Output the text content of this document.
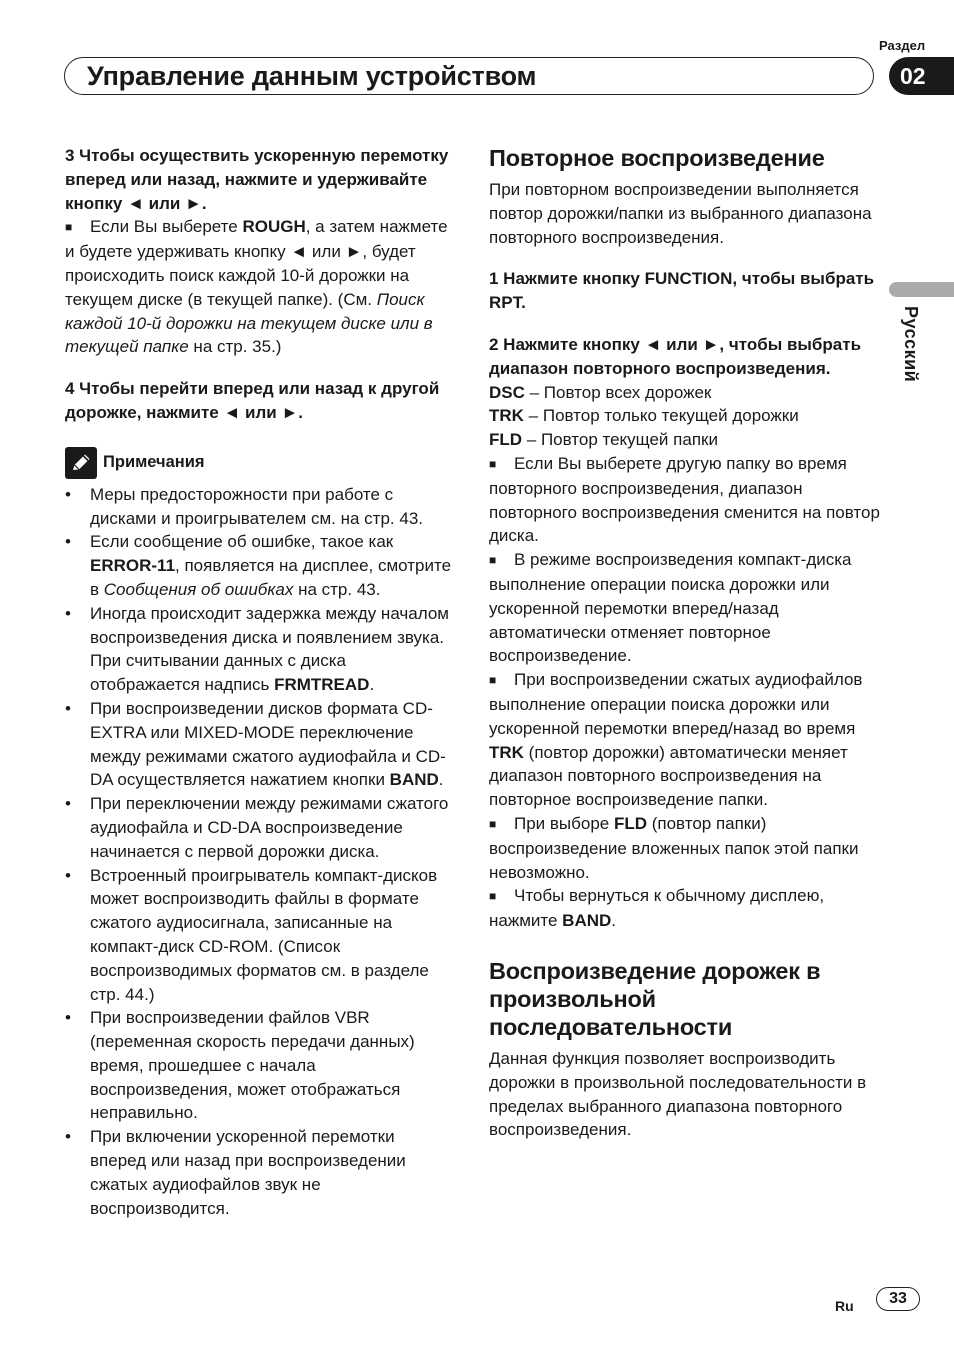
Раздел
Управление данным устройством	02
Русский

3 Чтобы осуществить ускоренную перемотку вперед или назад, нажмите и удерживайте кнопку ◄ или ►.

■ Если Вы выберете ROUGH, а затем нажмете и будете удерживать кнопку ◄ или ►, будет происходить поиск каждой 10-й дорожки на текущем диске (в текущей папке). (См. Поиск каждой 10-й дорожки на текущем диске или в текущей папке на стр. 35.)

4 Чтобы перейти вперед или назад к другой дорожке, нажмите ◄ или ►.

Примечания
• Меры предосторожности при работе с дисками и проигрывателем см. на стр. 43.
• Если сообщение об ошибке, такое как ERROR-11, появляется на дисплее, смотрите в Сообщения об ошибках на стр. 43.
• Иногда происходит задержка между началом воспроизведения диска и появлением звука. При считывании данных с диска отображается надпись FRMTREAD.
• При воспроизведении дисков формата CD-EXTRA или MIXED-MODE переключение между режимами сжатого аудиофайла и CD-DA осуществляется нажатием кнопки BAND.
• При переключении между режимами сжатого аудиофайла и CD-DA воспроизведение начинается с первой дорожки диска.
• Встроенный проигрыватель компакт-дисков может воспроизводить файлы в формате сжатого аудиосигнала, записанные на компакт-диск CD-ROM. (Список воспроизводимых форматов см. в разделе стр. 44.)
• При воспроизведении файлов VBR (переменная скорость передачи данных) время, прошедшее с начала воспроизведения, может отображаться неправильно.
• При включении ускоренной перемотки вперед или назад при воспроизведении сжатых аудиофайлов звук не воспроизводится.
Повторное воспроизведение

При повторном воспроизведении выполняется повтор дорожки/папки из выбранного диапазона повторного воспроизведения.

1 Нажмите кнопку FUNCTION, чтобы выбрать RPT.

2 Нажмите кнопку ◄ или ►, чтобы выбрать диапазон повторного воспроизведения.

DSC – Повтор всех дорожек

TRK – Повтор только текущей дорожки

FLD – Повтор текущей папки

■ Если Вы выберете другую папку во время повторного воспроизведения, диапазон повторного воспроизведения сменится на повтор диска.

■ В режиме воспроизведения компакт-диска выполнение операции поиска дорожки или ускоренной перемотки вперед/назад автоматически отменяет повторное воспроизведение.

■ При воспроизведении сжатых аудиофайлов выполнение операции поиска дорожки или ускоренной перемотки вперед/назад во время TRK (повтор дорожки) автоматически меняет диапазон повторного воспроизведения на повторное воспроизведение папки.

■ При выборе FLD (повтор папки) воспроизведение вложенных папок этой папки невозможно.

■ Чтобы вернуться к обычному дисплею, нажмите BAND.

Воспроизведение дорожек в произвольной последовательности

Данная функция позволяет воспроизводить дорожки в произвольной последовательности в пределах выбранного диапазона повторного воспроизведения.

Ru	33
